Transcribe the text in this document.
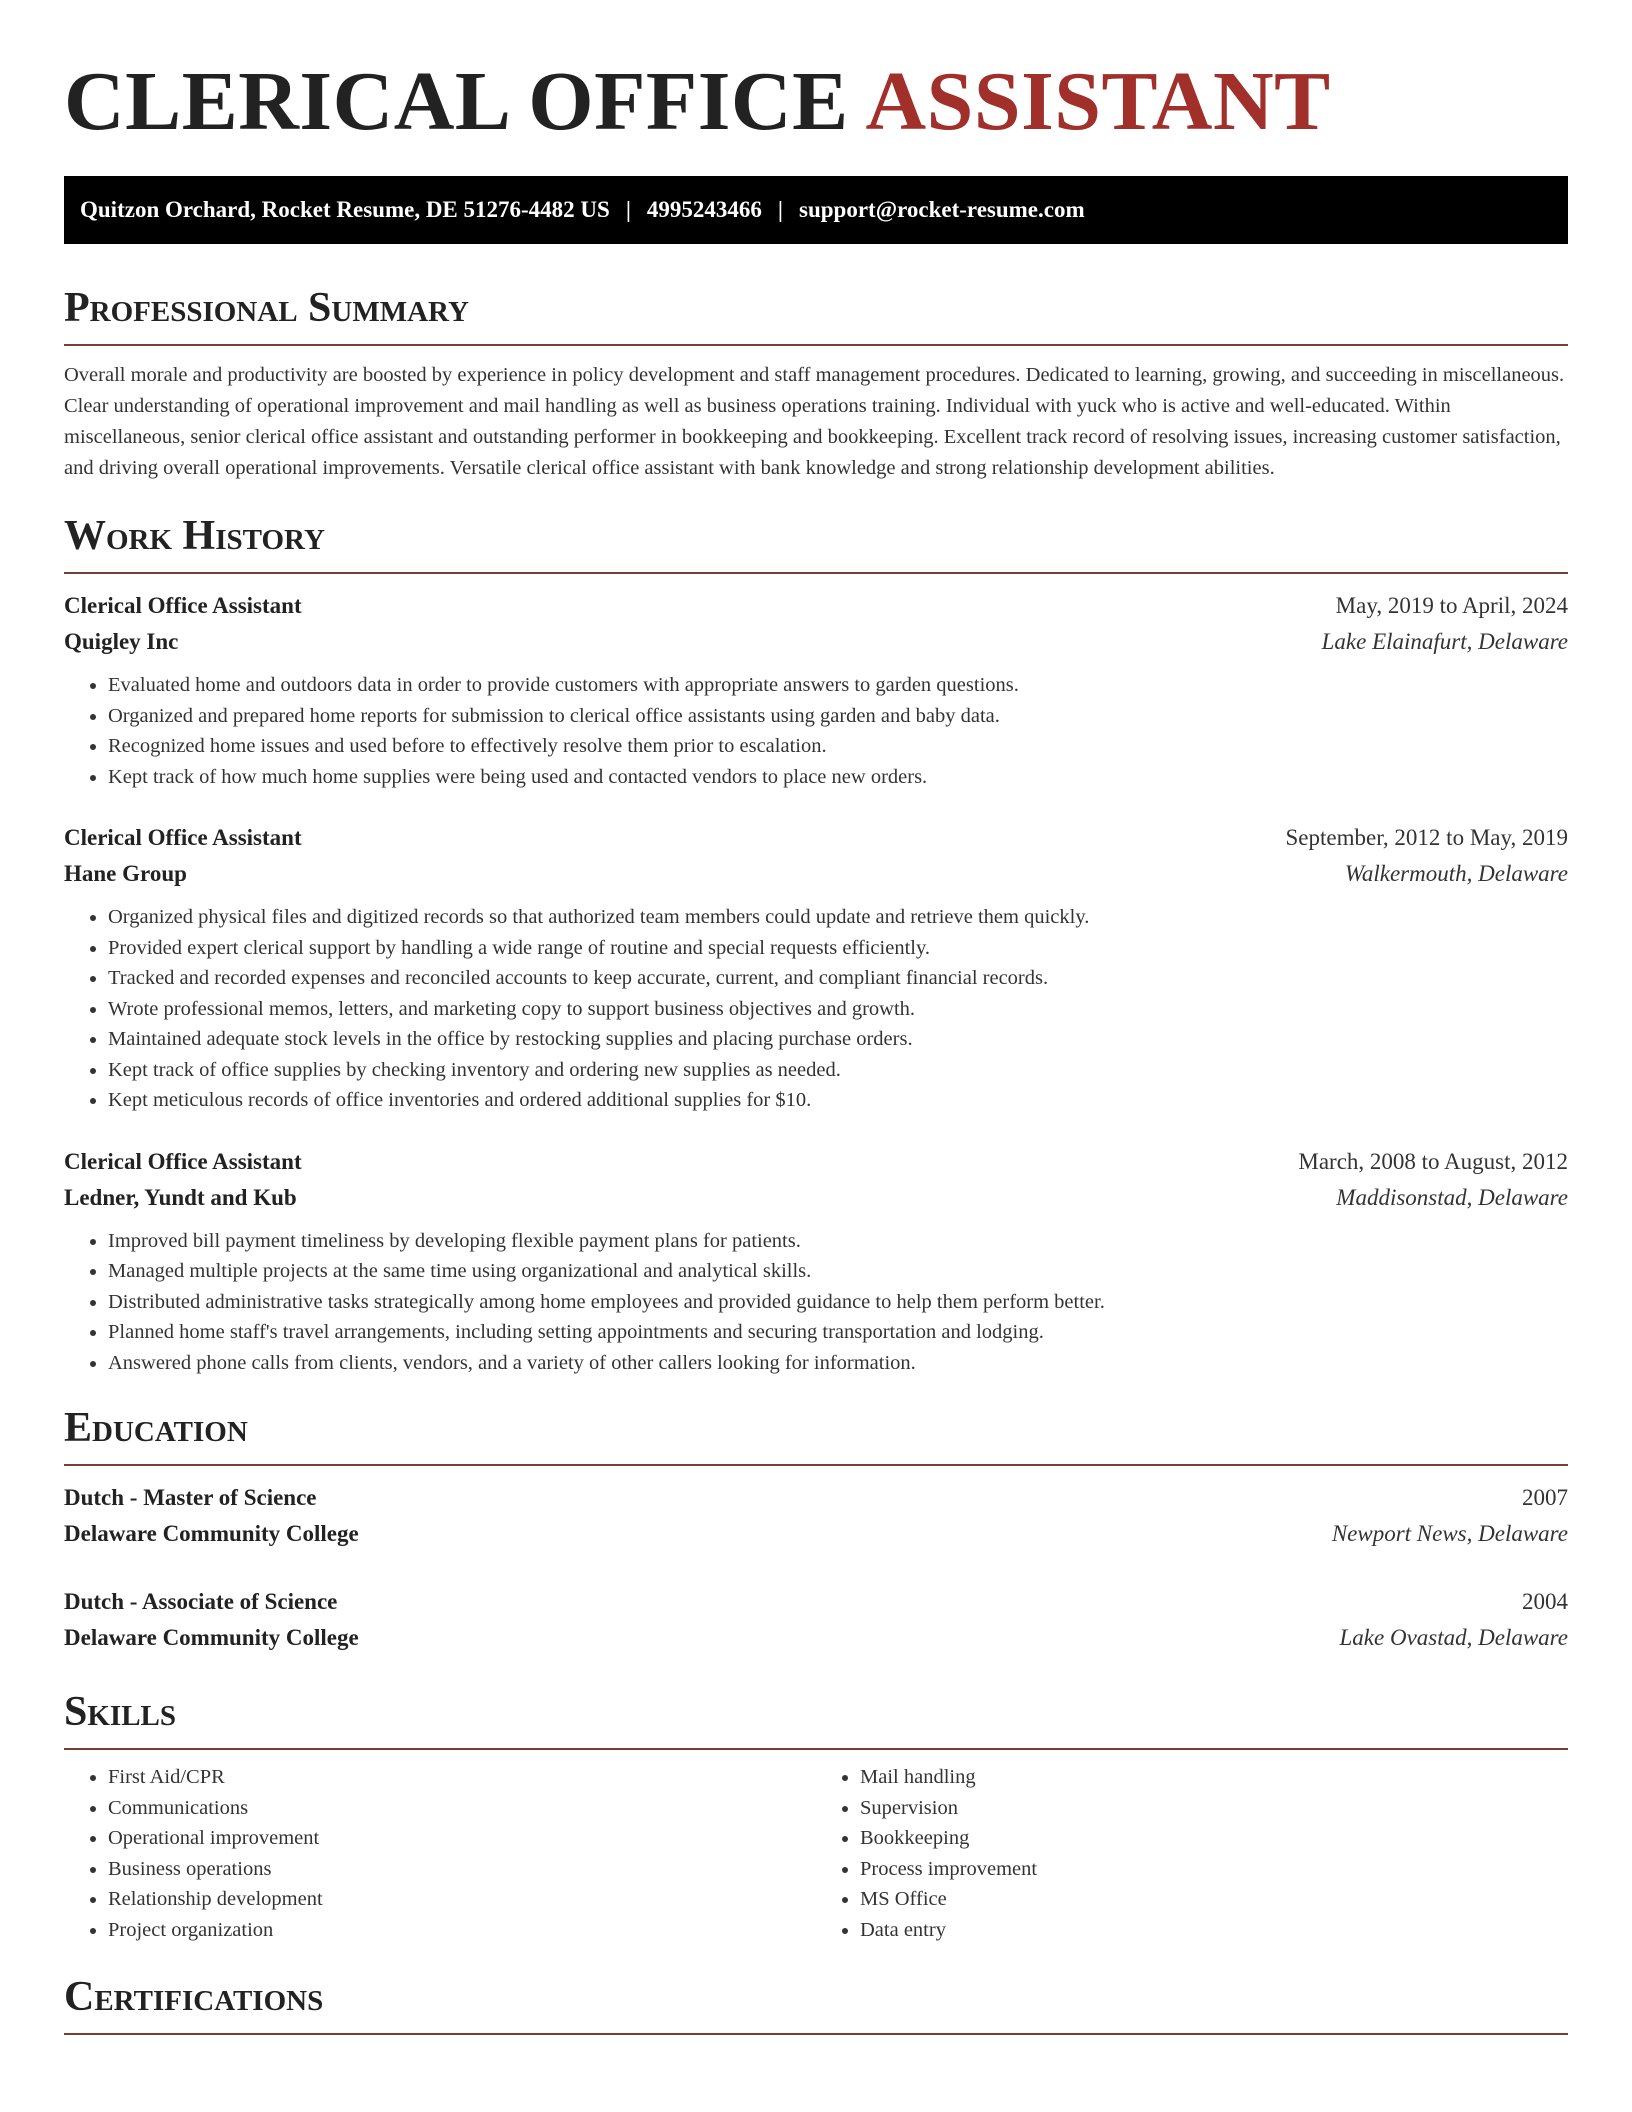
CLERICAL OFFICE ASSISTANT
Quitzon Orchard, Rocket Resume, DE 51276-4482 US | 4995243466 | support@rocket-resume.com
Professional Summary

Overall morale and productivity are boosted by experience in policy development and staff management procedures. Dedicated to learning, growing, and succeeding in miscellaneous. Clear understanding of operational improvement and mail handling as well as business operations training. Individual with yuck who is active and well-educated. Within miscellaneous, senior clerical office assistant and outstanding performer in bookkeeping and bookkeeping. Excellent track record of resolving issues, increasing customer satisfaction, and driving overall operational improvements. Versatile clerical office assistant with bank knowledge and strong relationship development abilities.

Work History
Clerical Office Assistant	May, 2019 to April, 2024
Quigley Inc	Lake Elainafurt, Delaware
• Evaluated home and outdoors data in order to provide customers with appropriate answers to garden questions.
• Organized and prepared home reports for submission to clerical office assistants using garden and baby data.
• Recognized home issues and used before to effectively resolve them prior to escalation.
• Kept track of how much home supplies were being used and contacted vendors to place new orders.
Clerical Office Assistant	September, 2012 to May, 2019
Hane Group	Walkermouth, Delaware
• Organized physical files and digitized records so that authorized team members could update and retrieve them quickly.
• Provided expert clerical support by handling a wide range of routine and special requests efficiently.
• Tracked and recorded expenses and reconciled accounts to keep accurate, current, and compliant financial records.
• Wrote professional memos, letters, and marketing copy to support business objectives and growth.
• Maintained adequate stock levels in the office by restocking supplies and placing purchase orders.
• Kept track of office supplies by checking inventory and ordering new supplies as needed.
• Kept meticulous records of office inventories and ordered additional supplies for $10.
Clerical Office Assistant	March, 2008 to August, 2012
Ledner, Yundt and Kub	Maddisonstad, Delaware
• Improved bill payment timeliness by developing flexible payment plans for patients.
• Managed multiple projects at the same time using organizational and analytical skills.
• Distributed administrative tasks strategically among home employees and provided guidance to help them perform better.
• Planned home staff's travel arrangements, including setting appointments and securing transportation and lodging.
• Answered phone calls from clients, vendors, and a variety of other callers looking for information.
Education
Dutch - Master of Science	2007
Delaware Community College	Newport News, Delaware
Dutch - Associate of Science	2004
Delaware Community College	Lake Ovastad, Delaware
Skills
• First Aid/CPR
• Communications
• Operational improvement
• Business operations
• Relationship development
• Project organization
• Mail handling
• Supervision
• Bookkeeping
• Process improvement
• MS Office
• Data entry
Certifications
